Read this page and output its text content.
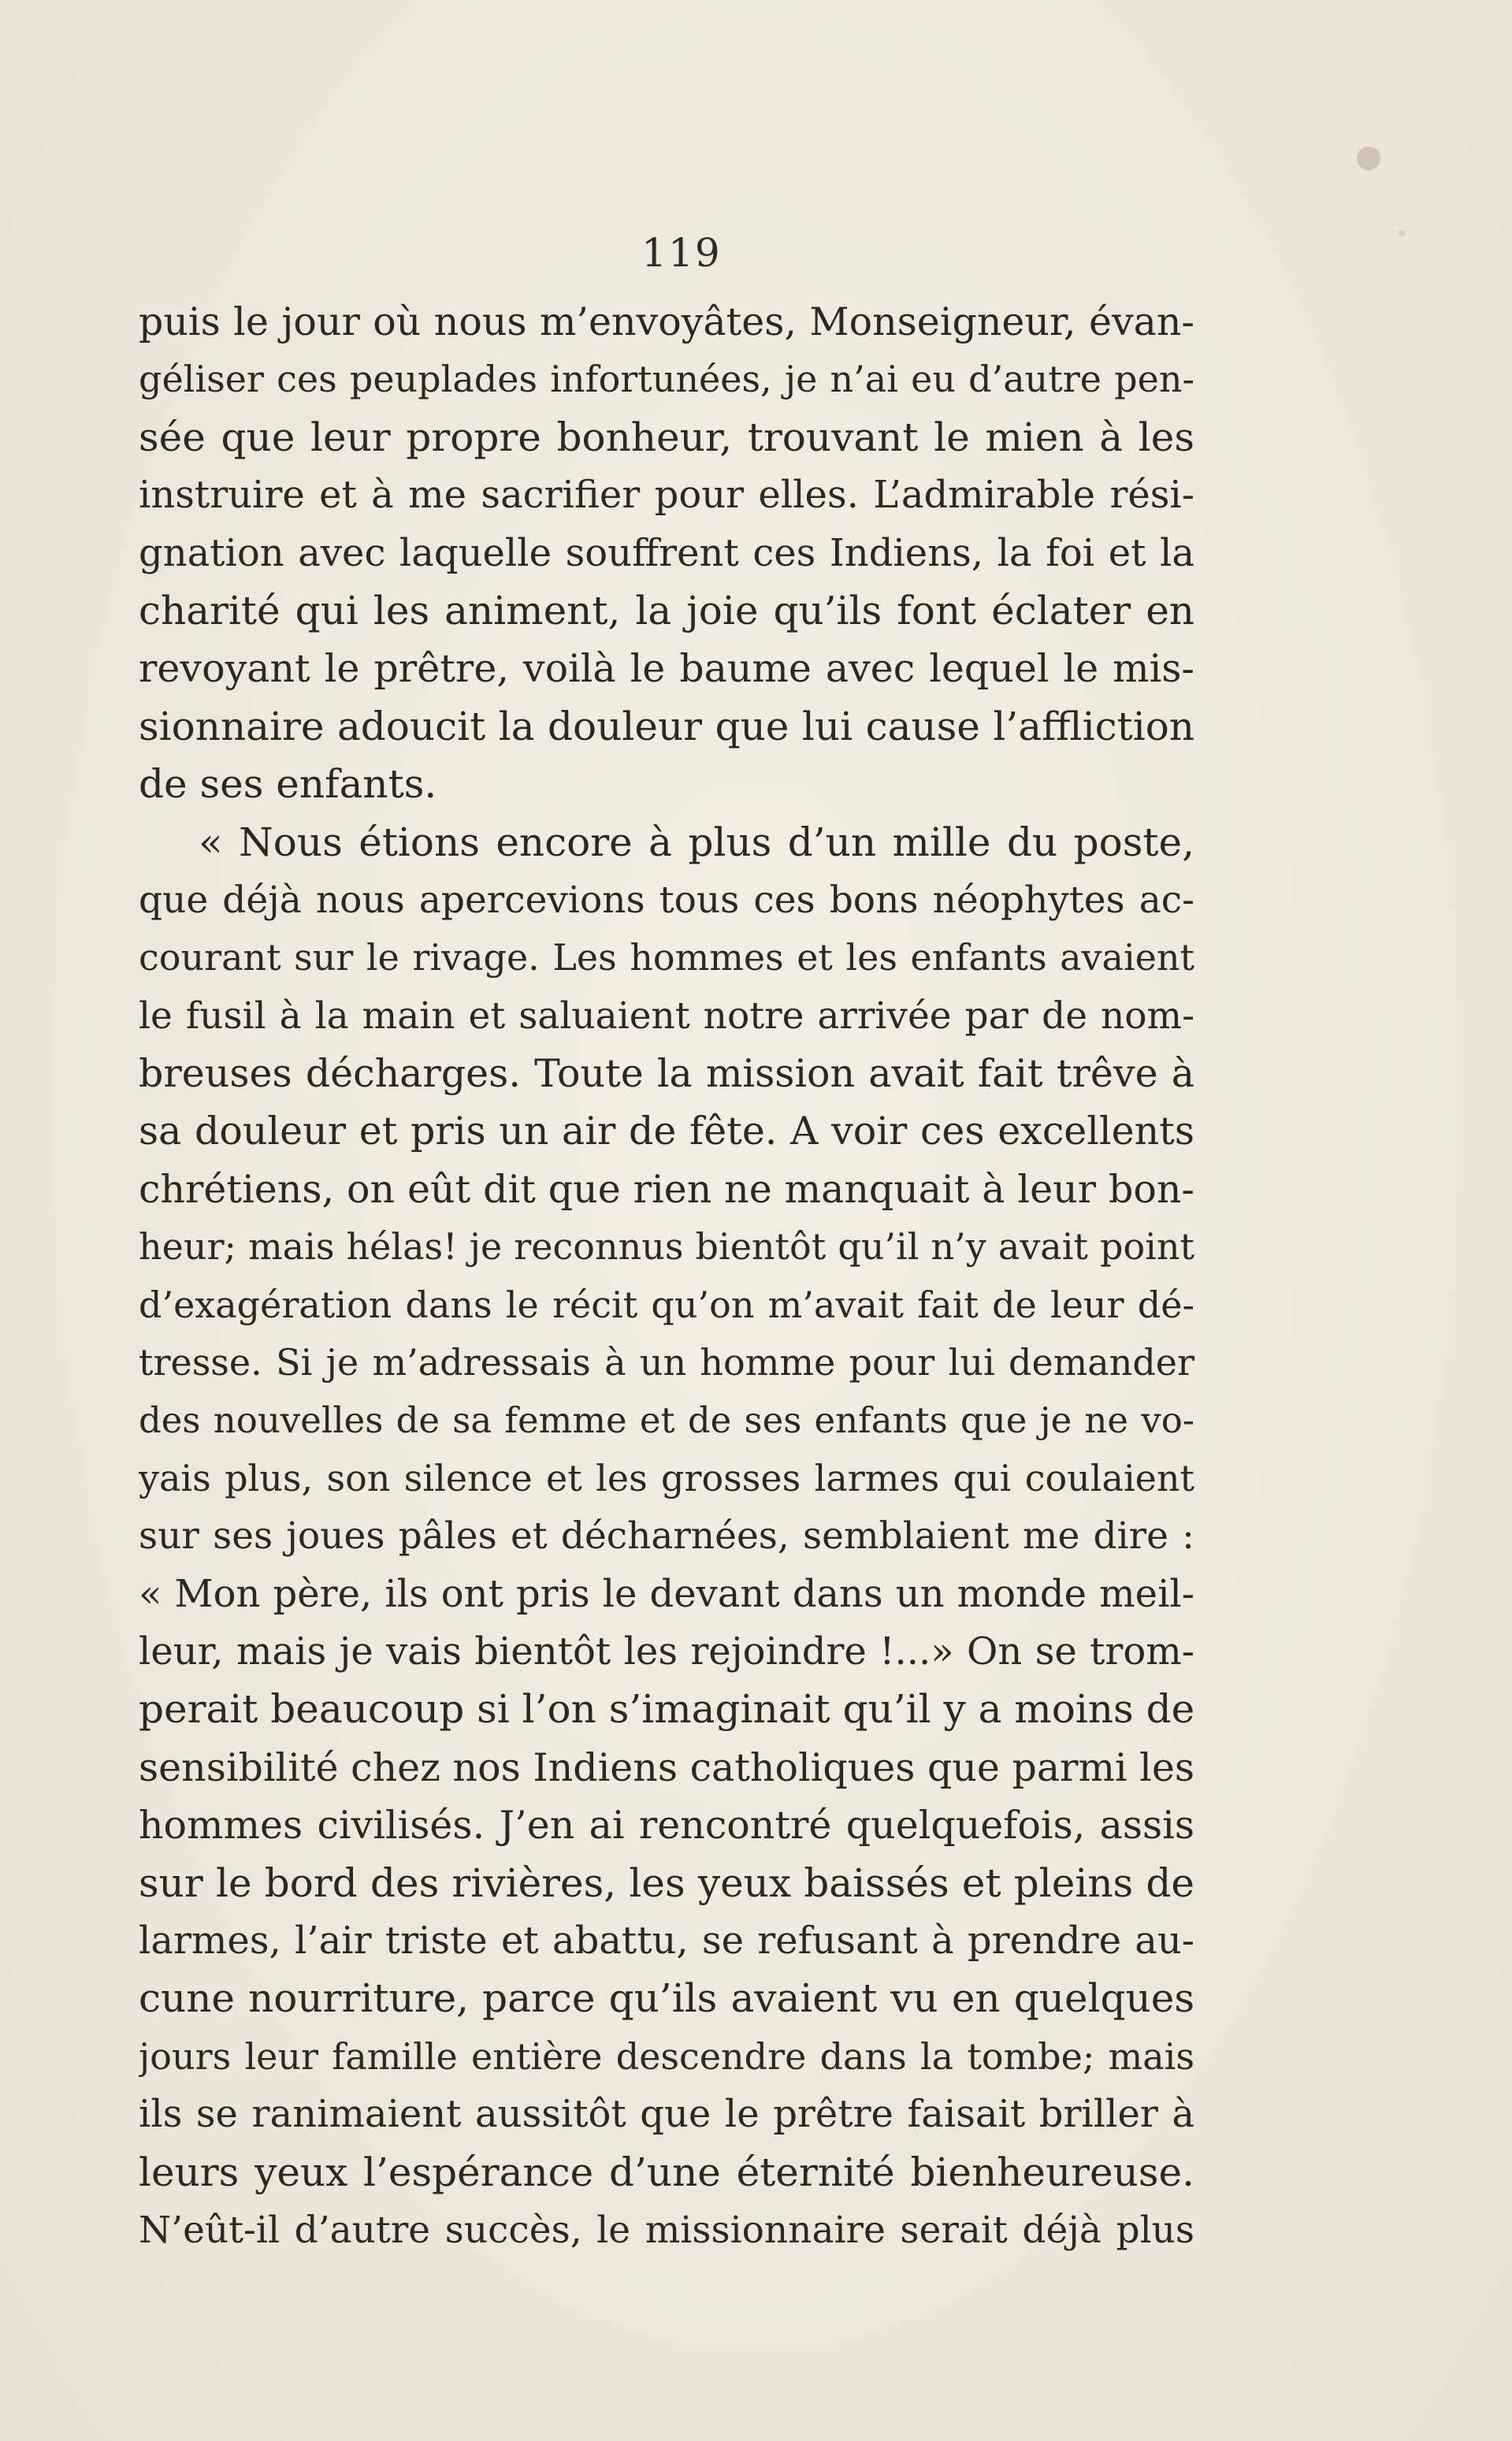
119
puis le jour où nous m’envoyâtes, Monseigneur, évan-
géliser ces peuplades infortunées, je n’ai eu d’autre pen-
sée que leur propre bonheur, trouvant le mien à les
instruire et à me sacrifier pour elles. L’admirable rési-
gnation avec laquelle souffrent ces Indiens, la foi et la
charité qui les animent, la joie qu’ils font éclater en
revoyant le prêtre, voilà le baume avec lequel le mis-
sionnaire adoucit la douleur que lui cause l’affliction
de ses enfants.
« Nous étions encore à plus d’un mille du poste,
que déjà nous apercevions tous ces bons néophytes ac-
courant sur le rivage. Les hommes et les enfants avaient
le fusil à la main et saluaient notre arrivée par de nom-
breuses décharges. Toute la mission avait fait trêve à
sa douleur et pris un air de fête. A voir ces excellents
chrétiens, on eût dit que rien ne manquait à leur bon-
heur; mais hélas! je reconnus bientôt qu’il n’y avait point
d’exagération dans le récit qu’on m’avait fait de leur dé-
tresse. Si je m’adressais à un homme pour lui demander
des nouvelles de sa femme et de ses enfants que je ne vo-
yais plus, son silence et les grosses larmes qui coulaient
sur ses joues pâles et décharnées, semblaient me dire :
« Mon père, ils ont pris le devant dans un monde meil-
leur, mais je vais bientôt les rejoindre !...» On se trom-
perait beaucoup si l’on s’imaginait qu’il y a moins de
sensibilité chez nos Indiens catholiques que parmi les
hommes civilisés. J’en ai rencontré quelquefois, assis
sur le bord des rivières, les yeux baissés et pleins de
larmes, l’air triste et abattu, se refusant à prendre au-
cune nourriture, parce qu’ils avaient vu en quelques
jours leur famille entière descendre dans la tombe; mais
ils se ranimaient aussitôt que le prêtre faisait briller à
leurs yeux l’espérance d’une éternité bienheureuse.
N’eût-il d’autre succès, le missionnaire serait déjà plus
